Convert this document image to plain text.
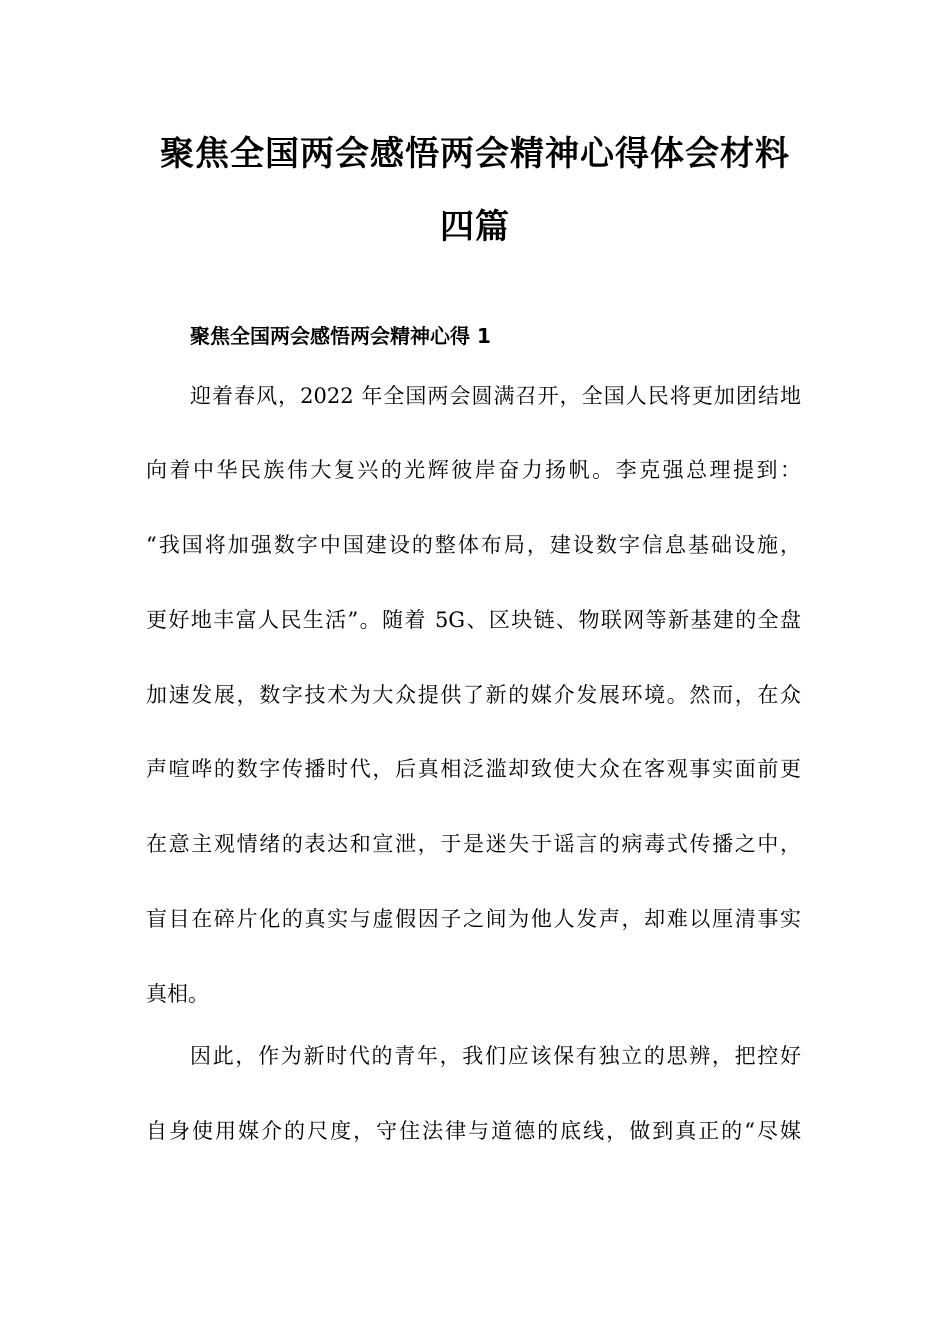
聚焦全国两会感悟两会精神心得体会材料
四篇
聚焦全国两会感悟两会精神心得 1
迎着春风，2022 年全国两会圆满召开，全国人民将更加团结地
向着中华民族伟大复兴的光辉彼岸奋力扬帆。李克强总理提到：
“我国将加强数字中国建设的整体布局，建设数字信息基础设施，
更好地丰富人民生活”。随着 5G、区块链、物联网等新基建的全盘
加速发展，数字技术为大众提供了新的媒介发展环境。然而，在众
声喧哗的数字传播时代，后真相泛滥却致使大众在客观事实面前更
在意主观情绪的表达和宣泄，于是迷失于谣言的病毒式传播之中，
盲目在碎片化的真实与虚假因子之间为他人发声，却难以厘清事实
真相。
因此，作为新时代的青年，我们应该保有独立的思辨，把控好
自身使用媒介的尺度，守住法律与道德的底线，做到真正的“尽媒
